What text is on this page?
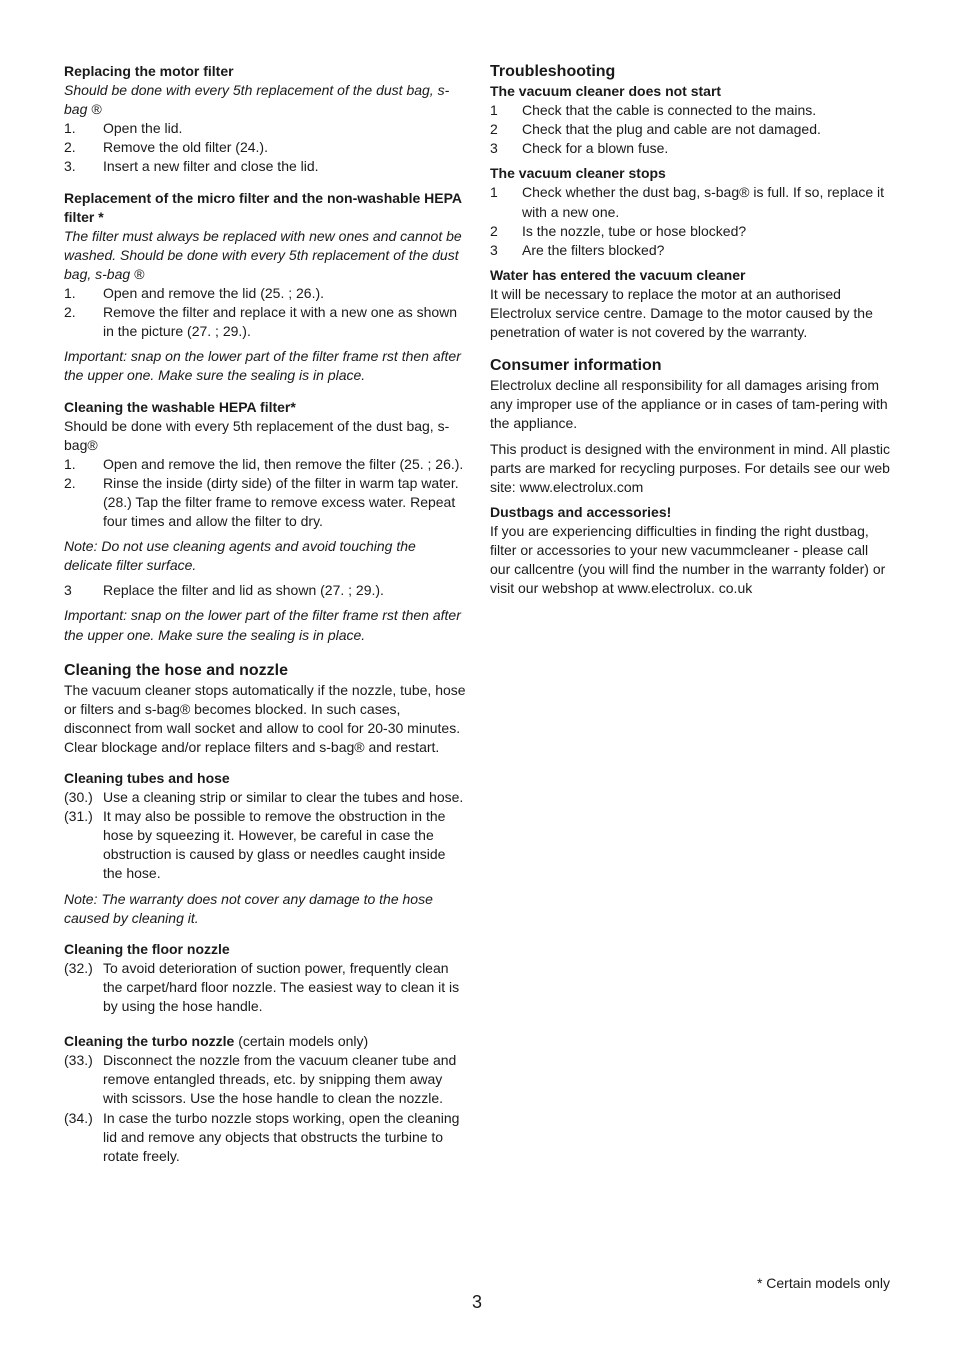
Replacing the motor filter

Should be done with every 5th replacement of the dust bag, s-bag ®

1.	Open the lid.
2.	Remove the old filter (24.).
3.	Insert a new filter and close the lid.
Replacement of the micro filter and the non-washable HEPA filter *

The filter must always be replaced with new ones and cannot be washed. Should be done with every 5th replacement of the dust bag, s-bag ®

1.	Open and remove the lid (25. ; 26.).
2.	Remove the filter and replace it with a new one as shown in the picture (27. ; 29.).

Important: snap on the lower part of the filter frame rst then after the upper one. Make sure the sealing is in place.

Cleaning the washable HEPA filter*

Should be done with every 5th replacement of the dust bag, s-bag®

1.	Open and remove the lid, then remove the filter (25. ; 26.).
2.	Rinse the inside (dirty side) of the filter in warm tap water. (28.) Tap the filter frame to remove excess water. Repeat four times and allow the filter to dry.

Note: Do not use cleaning agents and avoid touching the delicate filter surface.

3	Replace the filter and lid as shown (27. ; 29.).

Important: snap on the lower part of the filter frame rst then after the upper one. Make sure the sealing is in place.

Cleaning the hose and nozzle

The vacuum cleaner stops automatically if the nozzle, tube, hose or filters and s-bag® becomes blocked. In such cases, disconnect from wall socket and allow to cool for 20-30 minutes. Clear blockage and/or replace filters and s-bag® and restart.

Cleaning tubes and hose
(30.) Use a cleaning strip or similar to clear the tubes and hose.
(31.) It may also be possible to remove the obstruction in the hose by squeezing it. However, be careful in case the obstruction is caused by glass or needles caught inside the hose.

Note: The warranty does not cover any damage to the hose caused by cleaning it.

Cleaning the floor nozzle
(32.) To avoid deterioration of suction power, frequently clean the carpet/hard floor nozzle. The easiest way to clean it is by using the hose handle.
Cleaning the turbo nozzle (certain models only)
(33.) Disconnect the nozzle from the vacuum cleaner tube and remove entangled threads, etc. by snipping them away with scissors. Use the hose handle to clean the nozzle.
(34.) In case the turbo nozzle stops working, open the cleaning lid and remove any objects that obstructs the turbine to rotate freely.
Troubleshooting
The vacuum cleaner does not start
1	Check that the cable is connected to the mains.
2	Check that the plug and cable are not damaged.
3	Check for a blown fuse.
The vacuum cleaner stops
1	Check whether the dust bag, s-bag® is full. If so, replace it with a new one.
2	Is the nozzle, tube or hose blocked?
3	Are the filters blocked?
Water has entered the vacuum cleaner

It will be necessary to replace the motor at an authorised Electrolux service centre. Damage to the motor caused by the penetration of water is not covered by the warranty.

Consumer information

Electrolux decline all responsibility for all damages arising from any improper use of the appliance or in cases of tam-pering with the appliance.

This product is designed with the environment in mind. All plastic parts are marked for recycling purposes. For details see our web site: www.electrolux.com

Dustbags and accessories!

If you are experiencing difficulties in finding the right dustbag, filter or accessories to your new vacummcleaner - please call our callcentre (you will find the number in the warranty folder) or visit our webshop at www.electrolux. co.uk

* Certain models only
3
